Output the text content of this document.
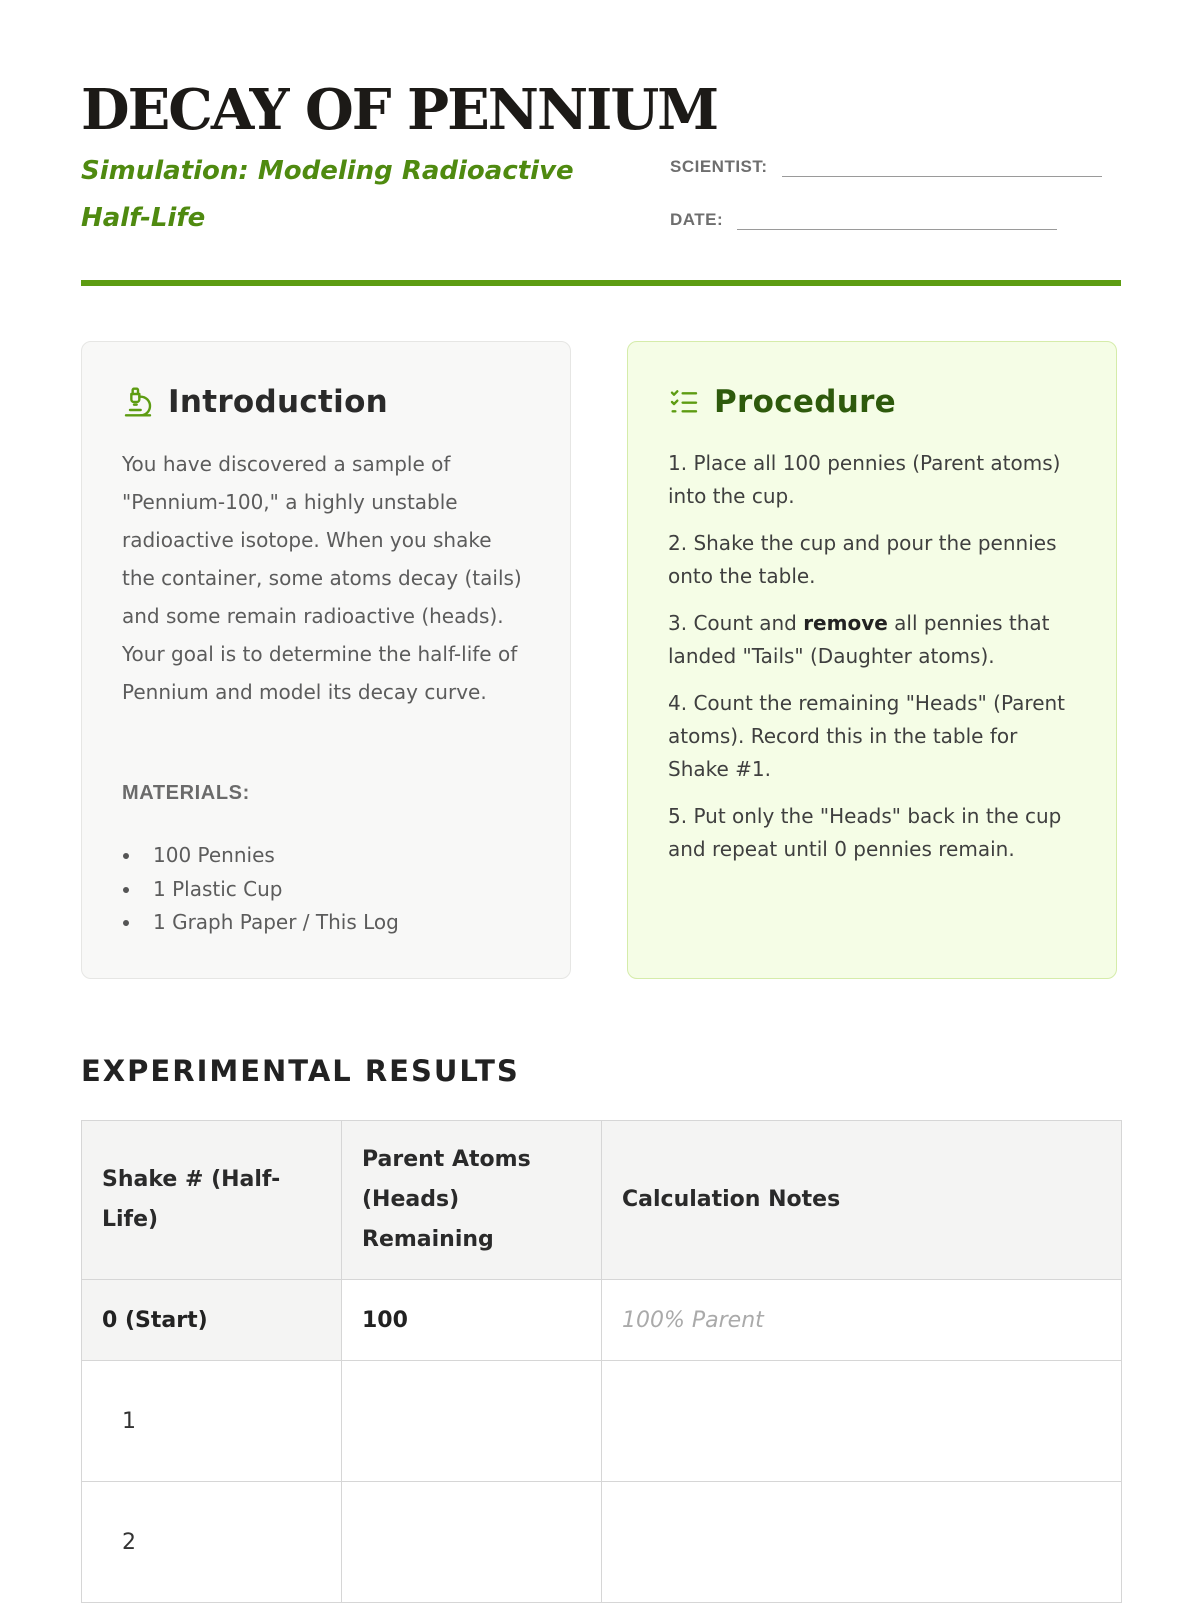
DECAY OF PENNIUM
Simulation: Modeling Radioactive Half-Life
SCIENTIST:
DATE:
Introduction
You have discovered a sample of "Pennium-100," a highly unstable radioactive isotope. When you shake the container, some atoms decay (tails) and some remain radioactive (heads). Your goal is to determine the half-life of Pennium and model its decay curve.
MATERIALS:
100 Pennies
1 Plastic Cup
1 Graph Paper / This Log
Procedure

1. Place all 100 pennies (Parent atoms) into the cup.

2. Shake the cup and pour the pennies onto the table.

3. Count and remove all pennies that landed "Tails" (Daughter atoms).

4. Count the remaining "Heads" (Parent atoms). Record this in the table for Shake #1.

5. Put only the "Heads" back in the cup and repeat until 0 pennies remain.

EXPERIMENTAL RESULTS
Shake # (Half-Life)	Parent Atoms (Heads) Remaining	Calculation Notes
0 (Start)	100	100% Parent
1		
2		
